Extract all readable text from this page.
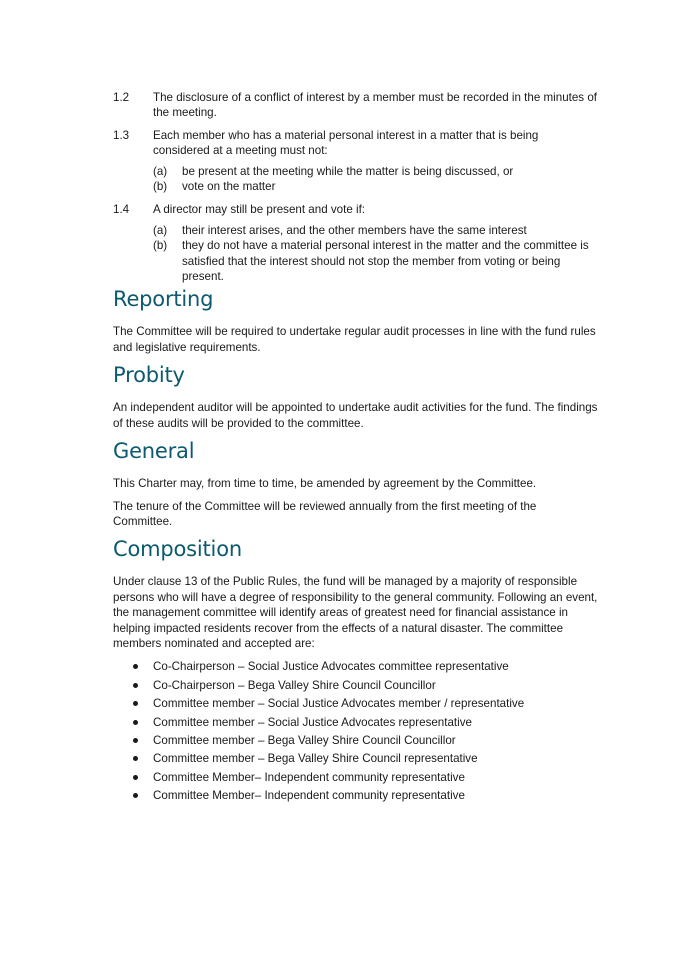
1.2	The disclosure of a conflict of interest by a member must be recorded in the minutes of the meeting.
1.3	Each member who has a material personal interest in a matter that is being considered at a meeting must not:
(a)	be present at the meeting while the matter is being discussed, or
(b)	vote on the matter
1.4	A director may still be present and vote if:
(a)	their interest arises, and the other members have the same interest
(b)	they do not have a material personal interest in the matter and the committee is satisfied that the interest should not stop the member from voting or being present.
Reporting

The Committee will be required to undertake regular audit processes in line with the fund rules and legislative requirements.

Probity

An independent auditor will be appointed to undertake audit activities for the fund. The findings of these audits will be provided to the committee.

General

This Charter may, from time to time, be amended by agreement by the Committee.

The tenure of the Committee will be reviewed annually from the first meeting of the Committee.

Composition

Under clause 13 of the Public Rules, the fund will be managed by a majority of responsible persons who will have a degree of responsibility to the general community. Following an event, the management committee will identify areas of greatest need for financial assistance in helping impacted residents recover from the effects of a natural disaster. The committee members nominated and accepted are:

Co-Chairperson – Social Justice Advocates committee representative
Co-Chairperson – Bega Valley Shire Council Councillor
Committee member – Social Justice Advocates member / representative
Committee member – Social Justice Advocates representative
Committee member – Bega Valley Shire Council Councillor
Committee member – Bega Valley Shire Council representative
Committee Member– Independent community representative
Committee Member– Independent community representative
